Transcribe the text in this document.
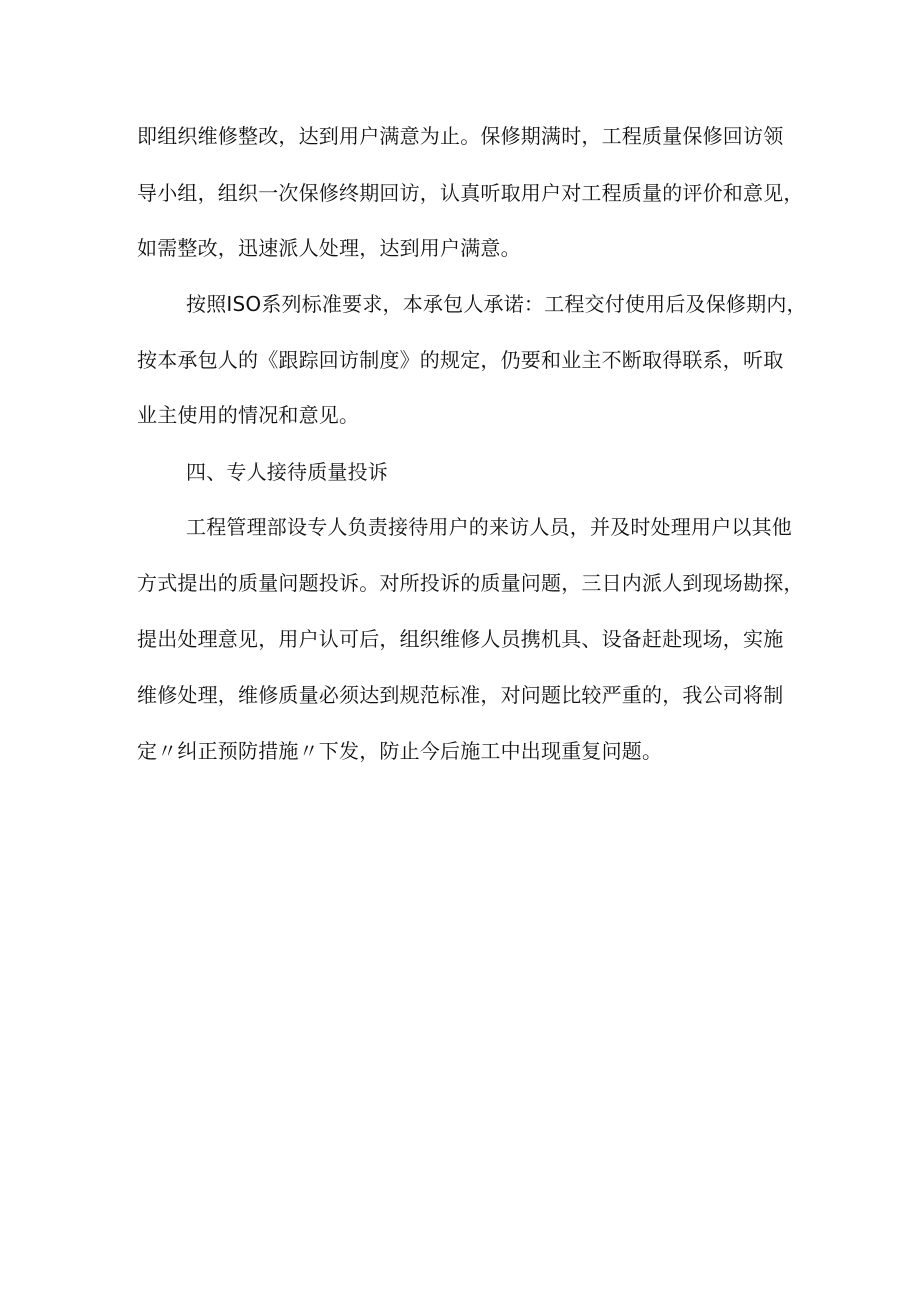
即组织维修整改，达到用户满意为止。保修期满时，工程质量保修回访领
导小组，组织一次保修终期回访，认真听取用户对工程质量的评价和意见，
如需整改，迅速派人处理，达到用户满意。
按照ISO系列标准要求，本承包人承诺：工程交付使用后及保修期内，
按本承包人的《跟踪回访制度》的规定，仍要和业主不断取得联系，听取
业主使用的情况和意见。
四、专人接待质量投诉
工程管理部设专人负责接待用户的来访人员，并及时处理用户以其他
方式提出的质量问题投诉。对所投诉的质量问题，三日内派人到现场勘探，
提出处理意见，用户认可后，组织维修人员携机具、设备赶赴现场，实施
维修处理，维修质量必须达到规范标准，对问题比较严重的，我公司将制
定〃纠正预防措施〃下发，防止今后施工中出现重复问题。
